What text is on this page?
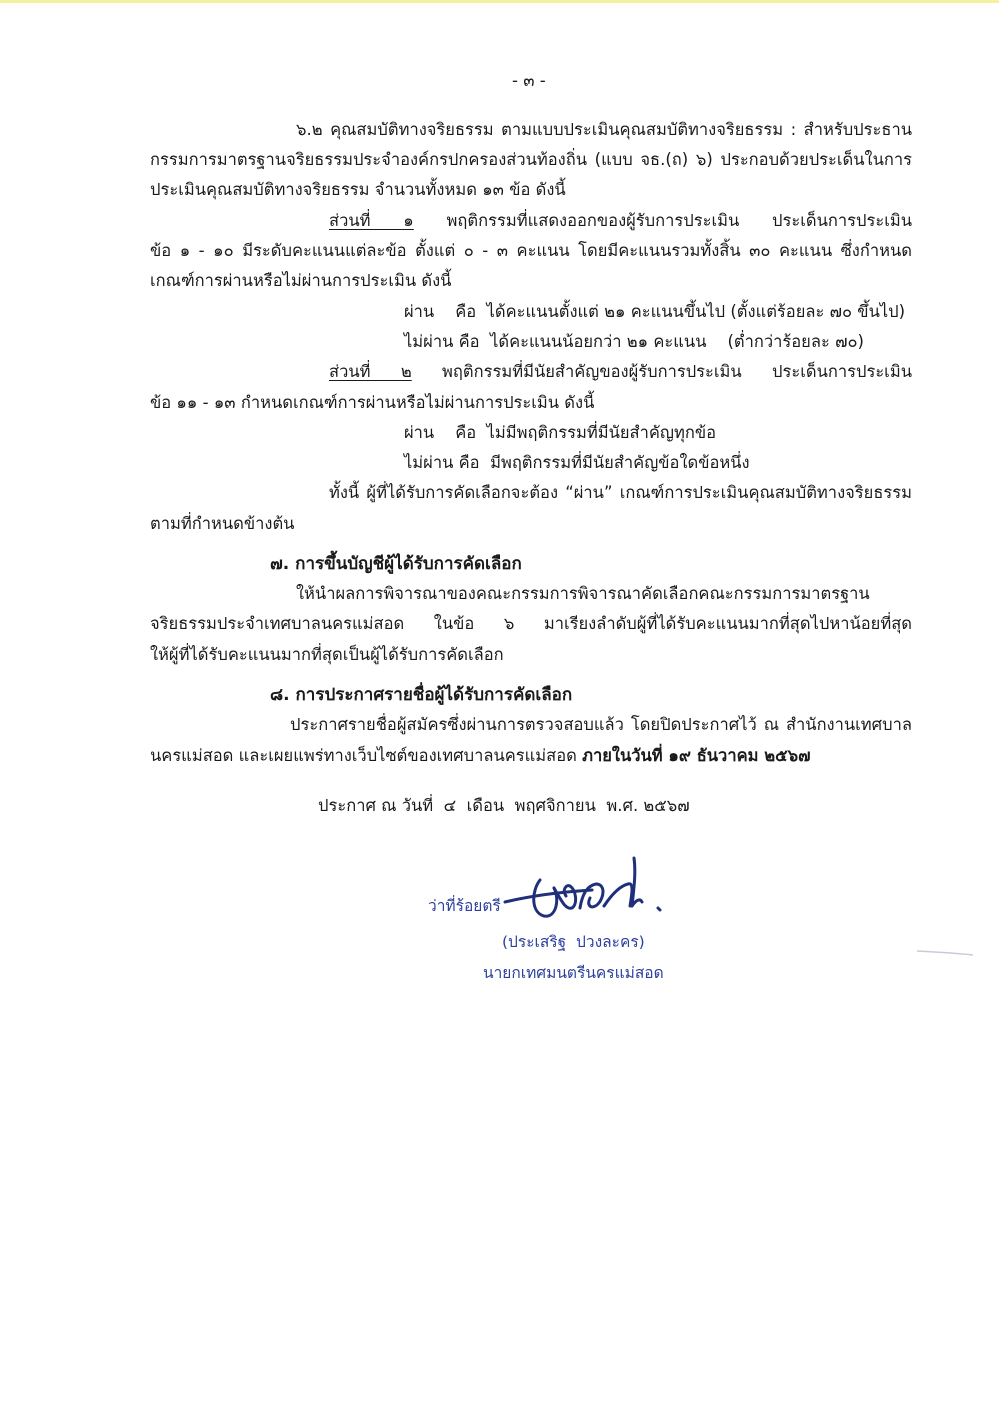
- ๓ -
๖.๒ คุณสมบัติทางจริยธรรม ตามแบบประเมินคุณสมบัติทางจริยธรรม : สำหรับประธาน
กรรมการมาตรฐานจริยธรรมประจำองค์กรปกครองส่วนท้องถิ่น (แบบ จธ.(ถ) ๖) ประกอบด้วยประเด็นในการ
ประเมินคุณสมบัติทางจริยธรรม จำนวนทั้งหมด ๑๓ ข้อ ดังนี้
ส่วนที่ ๑ พฤติกรรมที่แสดงออกของผู้รับการประเมิน ประเด็นการประเมิน
ข้อ ๑ - ๑๐ มีระดับคะแนนแต่ละข้อ ตั้งแต่ ๐ - ๓ คะแนน โดยมีคะแนนรวมทั้งสิ้น ๓๐ คะแนน ซึ่งกำหนด
เกณฑ์การผ่านหรือไม่ผ่านการประเมิน ดังนี้
ผ่าน    คือ  ได้คะแนนตั้งแต่ ๒๑ คะแนนขึ้นไป (ตั้งแต่ร้อยละ ๗๐ ขึ้นไป)
ไม่ผ่าน คือ  ได้คะแนนน้อยกว่า ๒๑ คะแนน    (ต่ำกว่าร้อยละ ๗๐)
ส่วนที่ ๒ พฤติกรรมที่มีนัยสำคัญของผู้รับการประเมิน ประเด็นการประเมิน
ข้อ ๑๑ - ๑๓ กำหนดเกณฑ์การผ่านหรือไม่ผ่านการประเมิน ดังนี้
ผ่าน    คือ  ไม่มีพฤติกรรมที่มีนัยสำคัญทุกข้อ
ไม่ผ่าน คือ  มีพฤติกรรมที่มีนัยสำคัญข้อใดข้อหนึ่ง
ทั้งนี้ ผู้ที่ได้รับการคัดเลือกจะต้อง “ผ่าน” เกณฑ์การประเมินคุณสมบัติทางจริยธรรม
ตามที่กำหนดข้างต้น
๗. การขึ้นบัญชีผู้ได้รับการคัดเลือก
ให้นำผลการพิจารณาของคณะกรรมการพิจารณาคัดเลือกคณะกรรมการมาตรฐาน
จริยธรรมประจำเทศบาลนครแม่สอด ในข้อ ๖ มาเรียงลำดับผู้ที่ได้รับคะแนนมากที่สุดไปหาน้อยที่สุด
ให้ผู้ที่ได้รับคะแนนมากที่สุดเป็นผู้ได้รับการคัดเลือก
๘. การประกาศรายชื่อผู้ได้รับการคัดเลือก
ประกาศรายชื่อผู้สมัครซึ่งผ่านการตรวจสอบแล้ว โดยปิดประกาศไว้ ณ สำนักงานเทศบาล
นครแม่สอด และเผยแพร่ทางเว็บไซต์ของเทศบาลนครแม่สอด ภายในวันที่ ๑๙ ธันวาคม ๒๕๖๗
ประกาศ ณ วันที่  ๔  เดือน  พฤศจิกายน  พ.ศ. ๒๕๖๗
ว่าที่ร้อยตรี
(ประเสริฐ  ปวงละคร)
นายกเทศมนตรีนครแม่สอด
